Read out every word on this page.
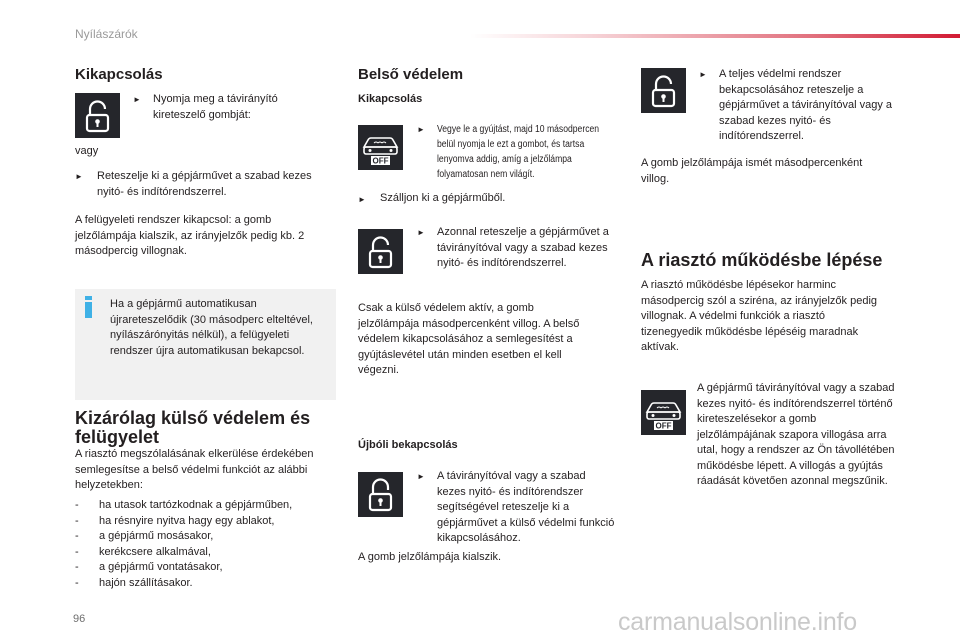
Nyílászárók
Kikapcsolás
► Nyomja meg a távirányító kireteszelő gombját:
vagy
► Reteszelje ki a gépjárművet a szabad kezes nyitó- és indítórendszerrel.
A felügyeleti rendszer kikapcsol: a gomb jelzőlámpája kialszik, az irányjelzők pedig kb. 2 másodpercig villognak.
Ha a gépjármű automatikusan újrareteszelődik (30 másodperc elteltével, nyílászárónyitás nélkül), a felügyeleti rendszer újra automatikusan bekapcsol.
Kizárólag külső védelem és felügyelet
A riasztó megszólalásának elkerülése érdekében semlegesítse a belső védelmi funkciót az alábbi helyzetekben:
- ha utasok tartózkodnak a gépjárműben,
- ha résnyire nyitva hagy egy ablakot,
- a gépjármű mosásakor,
- kerékcsere alkalmával,
- a gépjármű vontatásakor,
- hajón szállításakor.
Belső védelem
Kikapcsolás
OFF
► Vegye le a gyújtást, majd 10 másodpercen belül nyomja le ezt a gombot, és tartsa lenyomva addig, amíg a jelzőlámpa folyamatosan nem világít.
► Szálljon ki a gépjárműből.
► Azonnal reteszelje a gépjárművet a távirányítóval vagy a szabad kezes nyitó- és indítórendszerrel.
Csak a külső védelem aktív, a gomb jelzőlámpája másodpercenként villog. A belső védelem kikapcsolásához a semlegesítést a gyújtáslevétel után minden esetben el kell végezni.
Újbóli bekapcsolás
► A távirányítóval vagy a szabad kezes nyitó- és indítórendszer segítségével reteszelje ki a gépjárművet a külső védelmi funkció kikapcsolásához.
A gomb jelzőlámpája kialszik.
► A teljes védelmi rendszer bekapcsolásához reteszelje a gépjárművet a távirányítóval vagy a szabad kezes nyitó- és indítórendszerrel.
A gomb jelzőlámpája ismét másodpercenként villog.
A riasztó működésbe lépése
A riasztó működésbe lépésekor harminc másodpercig szól a sziréna, az irányjelzők pedig villognak. A védelmi funkciók a riasztó tizenegyedik működésbe lépéséig maradnak aktívak.
OFF
A gépjármű távirányítóval vagy a szabad kezes nyitó- és indítórendszerrel történő kireteszelésekor a gomb jelzőlámpájának szapora villogása arra utal, hogy a rendszer az Ön távollétében működésbe lépett. A villogás a gyújtás ráadását követően azonnal megszűnik.
96	carmanualsonline.info
